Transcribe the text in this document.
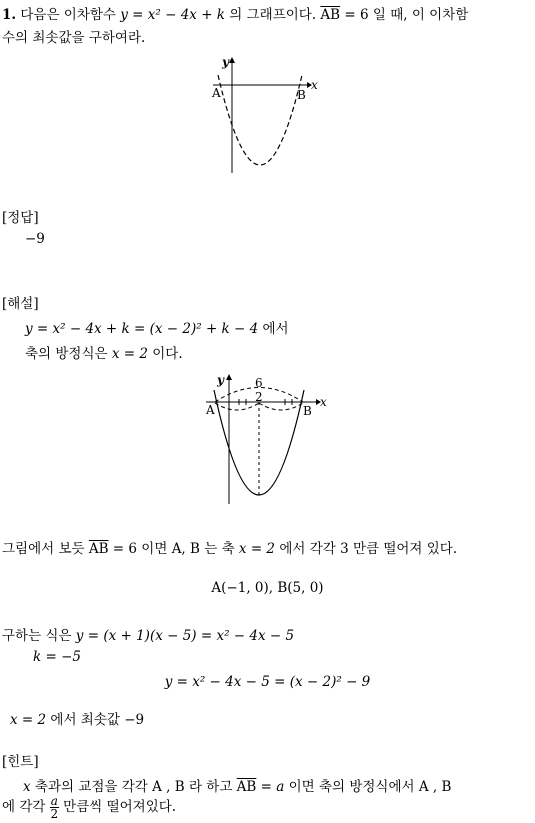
1. 다음은 이차함수 y = x² − 4x + k 의 그래프이다. $\overline{AB} = 6$ 일 때, 이 이차함
수의 최솟값을 구하여라.
y
x
A	B
[정답]
−9
[해설]
y = x² − 4x + k = (x − 2)² + k − 4 에서
축의 방정식은 x = 2 이다.
y
x
A	B
6
2
그림에서 보듯 $\overline{AB} = 6$ 이면 A, B 는 축 x = 2 에서 각각 3 만큼 떨어져 있다.
A(−1, 0), B(5, 0)
구하는 식은 y = (x + 1)(x − 5) = x² − 4x − 5
k = −5
y = x² − 4x − 5 = (x − 2)² − 9
x = 2 에서 최솟값 −9
[힌트]
x 축과의 교점을 각각 A , B 라 하고 $\overline{AB} = a$ 이면 축의 방정식에서 A , B
에 각각 $\frac{a}{2}$ 만큼씩 떨어져있다.
